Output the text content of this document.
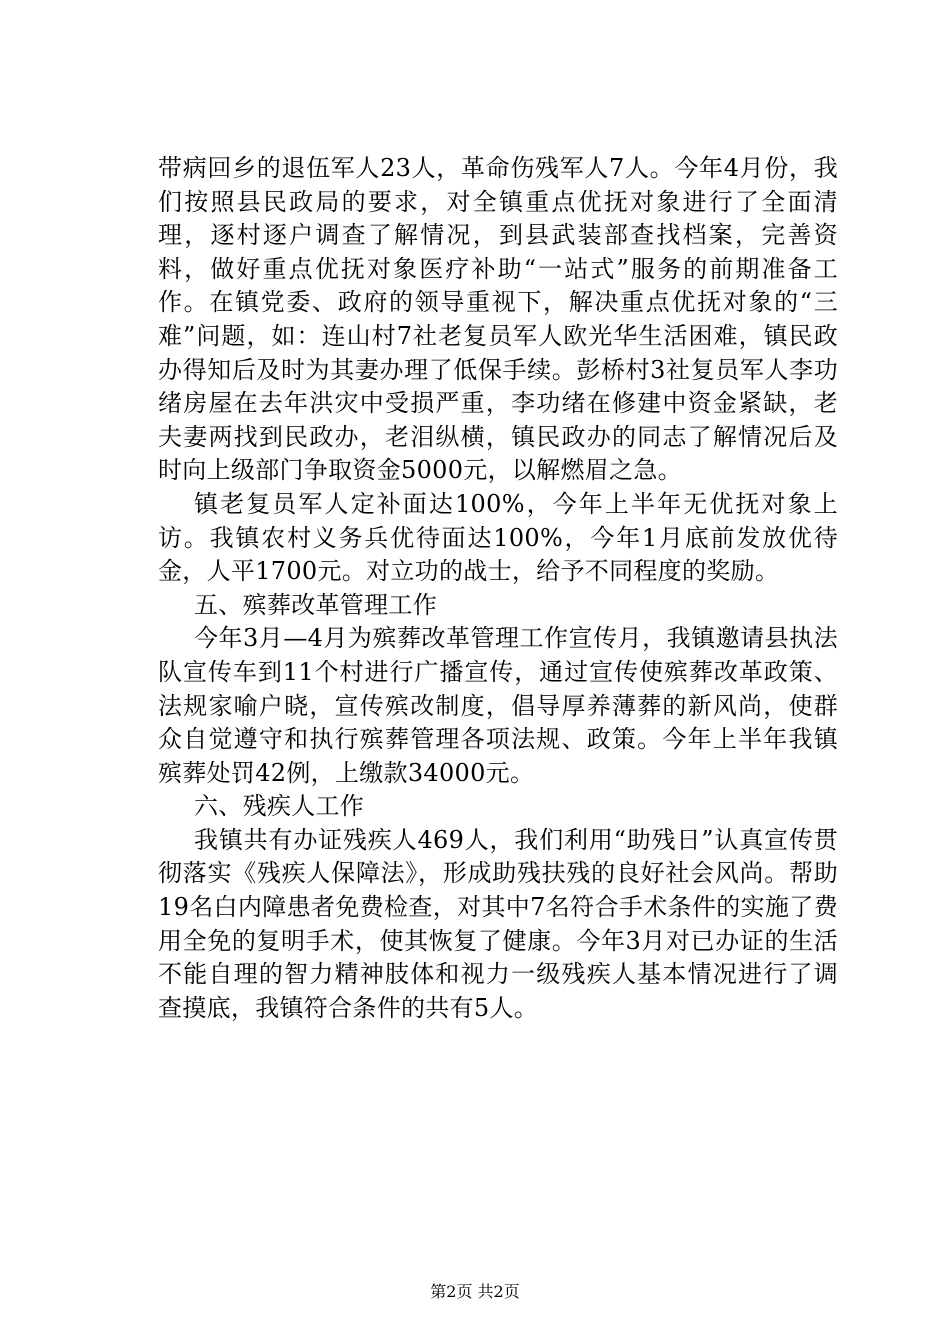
带病回乡的退伍军人23人，革命伤残军人7人。今年4月份，我们按照县民政局的要求，对全镇重点优抚对象进行了全面清理，逐村逐户调查了解情况，到县武装部查找档案，完善资料，做好重点优抚对象医疗补助“一站式”服务的前期准备工作。在镇党委、政府的领导重视下，解决重点优抚对象的“三难”问题，如：连山村7社老复员军人欧光华生活困难，镇民政办得知后及时为其妻办理了低保手续。彭桥村3社复员军人李功绪房屋在去年洪灾中受损严重，李功绪在修建中资金紧缺，老夫妻两找到民政办，老泪纵横，镇民政办的同志了解情况后及时向上级部门争取资金5000元，以解燃眉之急。

镇老复员军人定补面达100%，今年上半年无优抚对象上访。我镇农村义务兵优待面达100%，今年1月底前发放优待金，人平1700元。对立功的战士，给予不同程度的奖励。

五、殡葬改革管理工作

今年3月—4月为殡葬改革管理工作宣传月，我镇邀请县执法队宣传车到11个村进行广播宣传，通过宣传使殡葬改革政策、法规家喻户晓，宣传殡改制度，倡导厚养薄葬的新风尚，使群众自觉遵守和执行殡葬管理各项法规、政策。今年上半年我镇殡葬处罚42例，上缴款34000元。

六、残疾人工作

我镇共有办证残疾人469人，我们利用“助残日”认真宣传贯彻落实《残疾人保障法》，形成助残扶残的良好社会风尚。帮助19名白内障患者免费检查，对其中7名符合手术条件的实施了费用全免的复明手术，使其恢复了健康。今年3月对已办证的生活不能自理的智力精神肢体和视力一级残疾人基本情况进行了调查摸底，我镇符合条件的共有5人。

第2页 共2页
